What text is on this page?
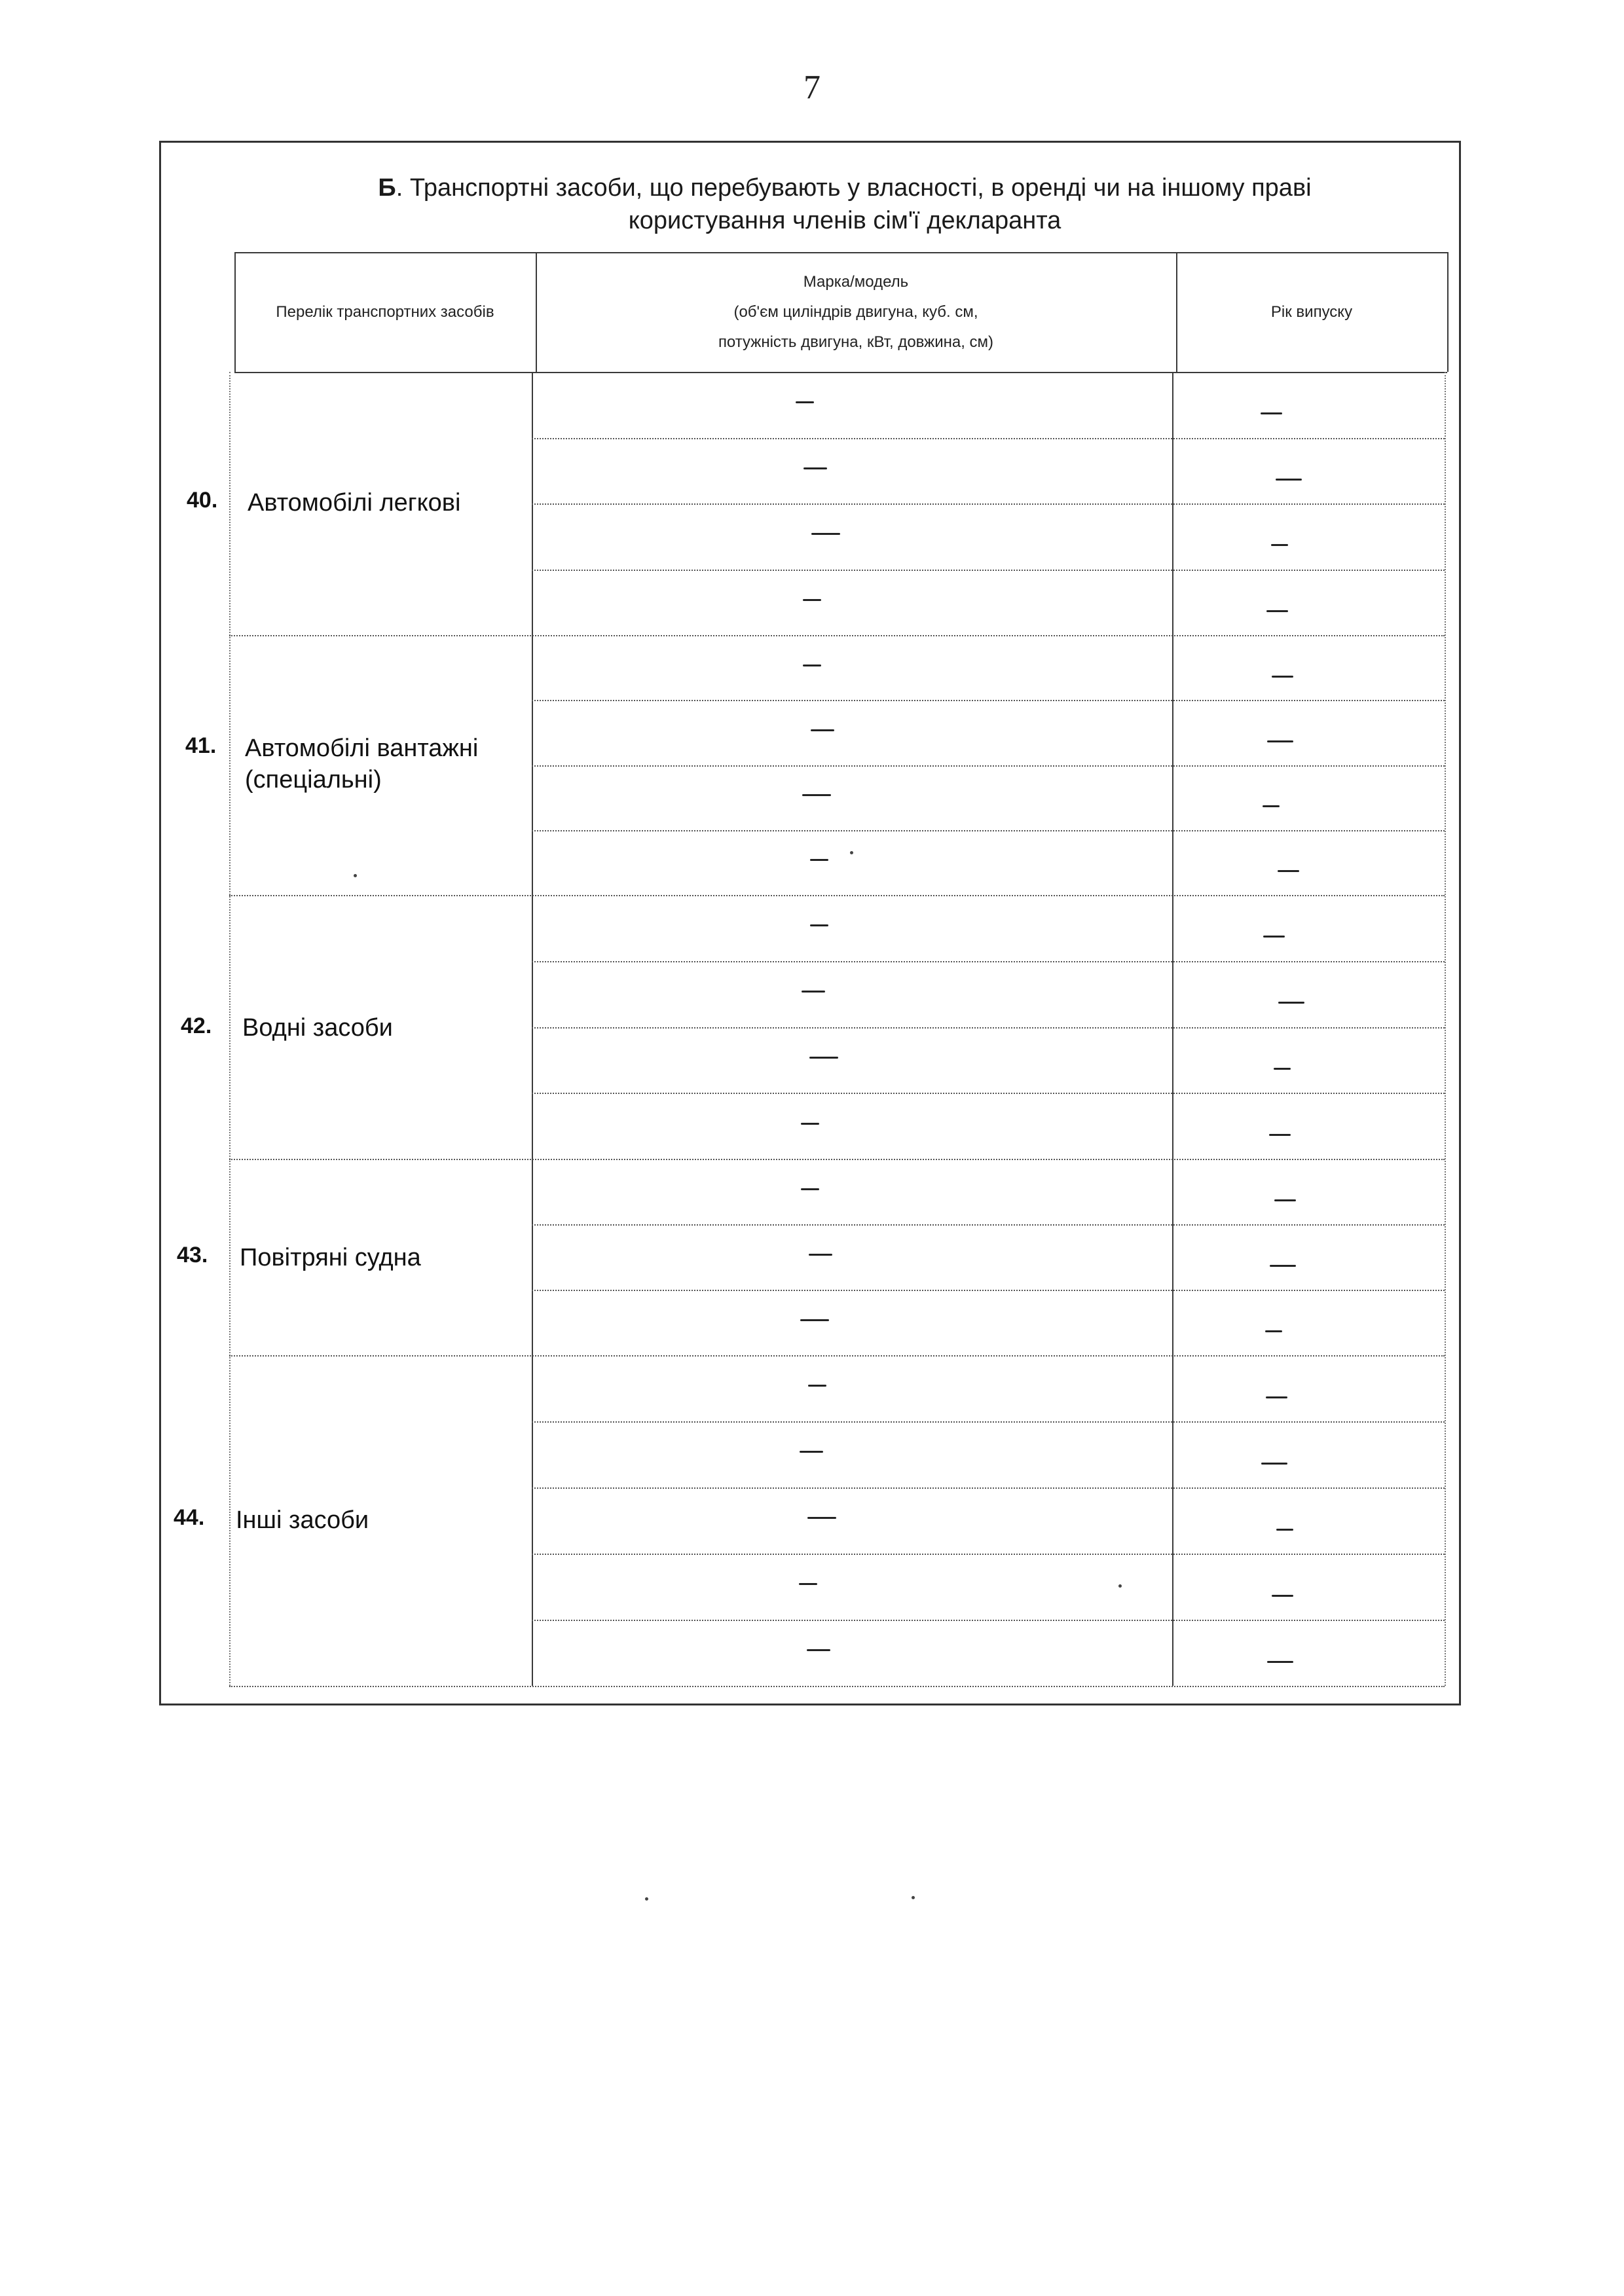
7
Б. Транспортні засоби, що перебувають у власності, в оренді чи на іншому праві
користування членів сім'ї декларанта
Перелік транспортних засобів
Марка/модель
(об'єм циліндрів двигуна, куб. см,
потужність двигуна, кВт, довжина, см)
Рік випуску
40. Автомобілі легкові
41. Автомобілі вантажні
(спеціальні)
42. Водні засоби
43. Повітряні судна
44. Інші засоби
